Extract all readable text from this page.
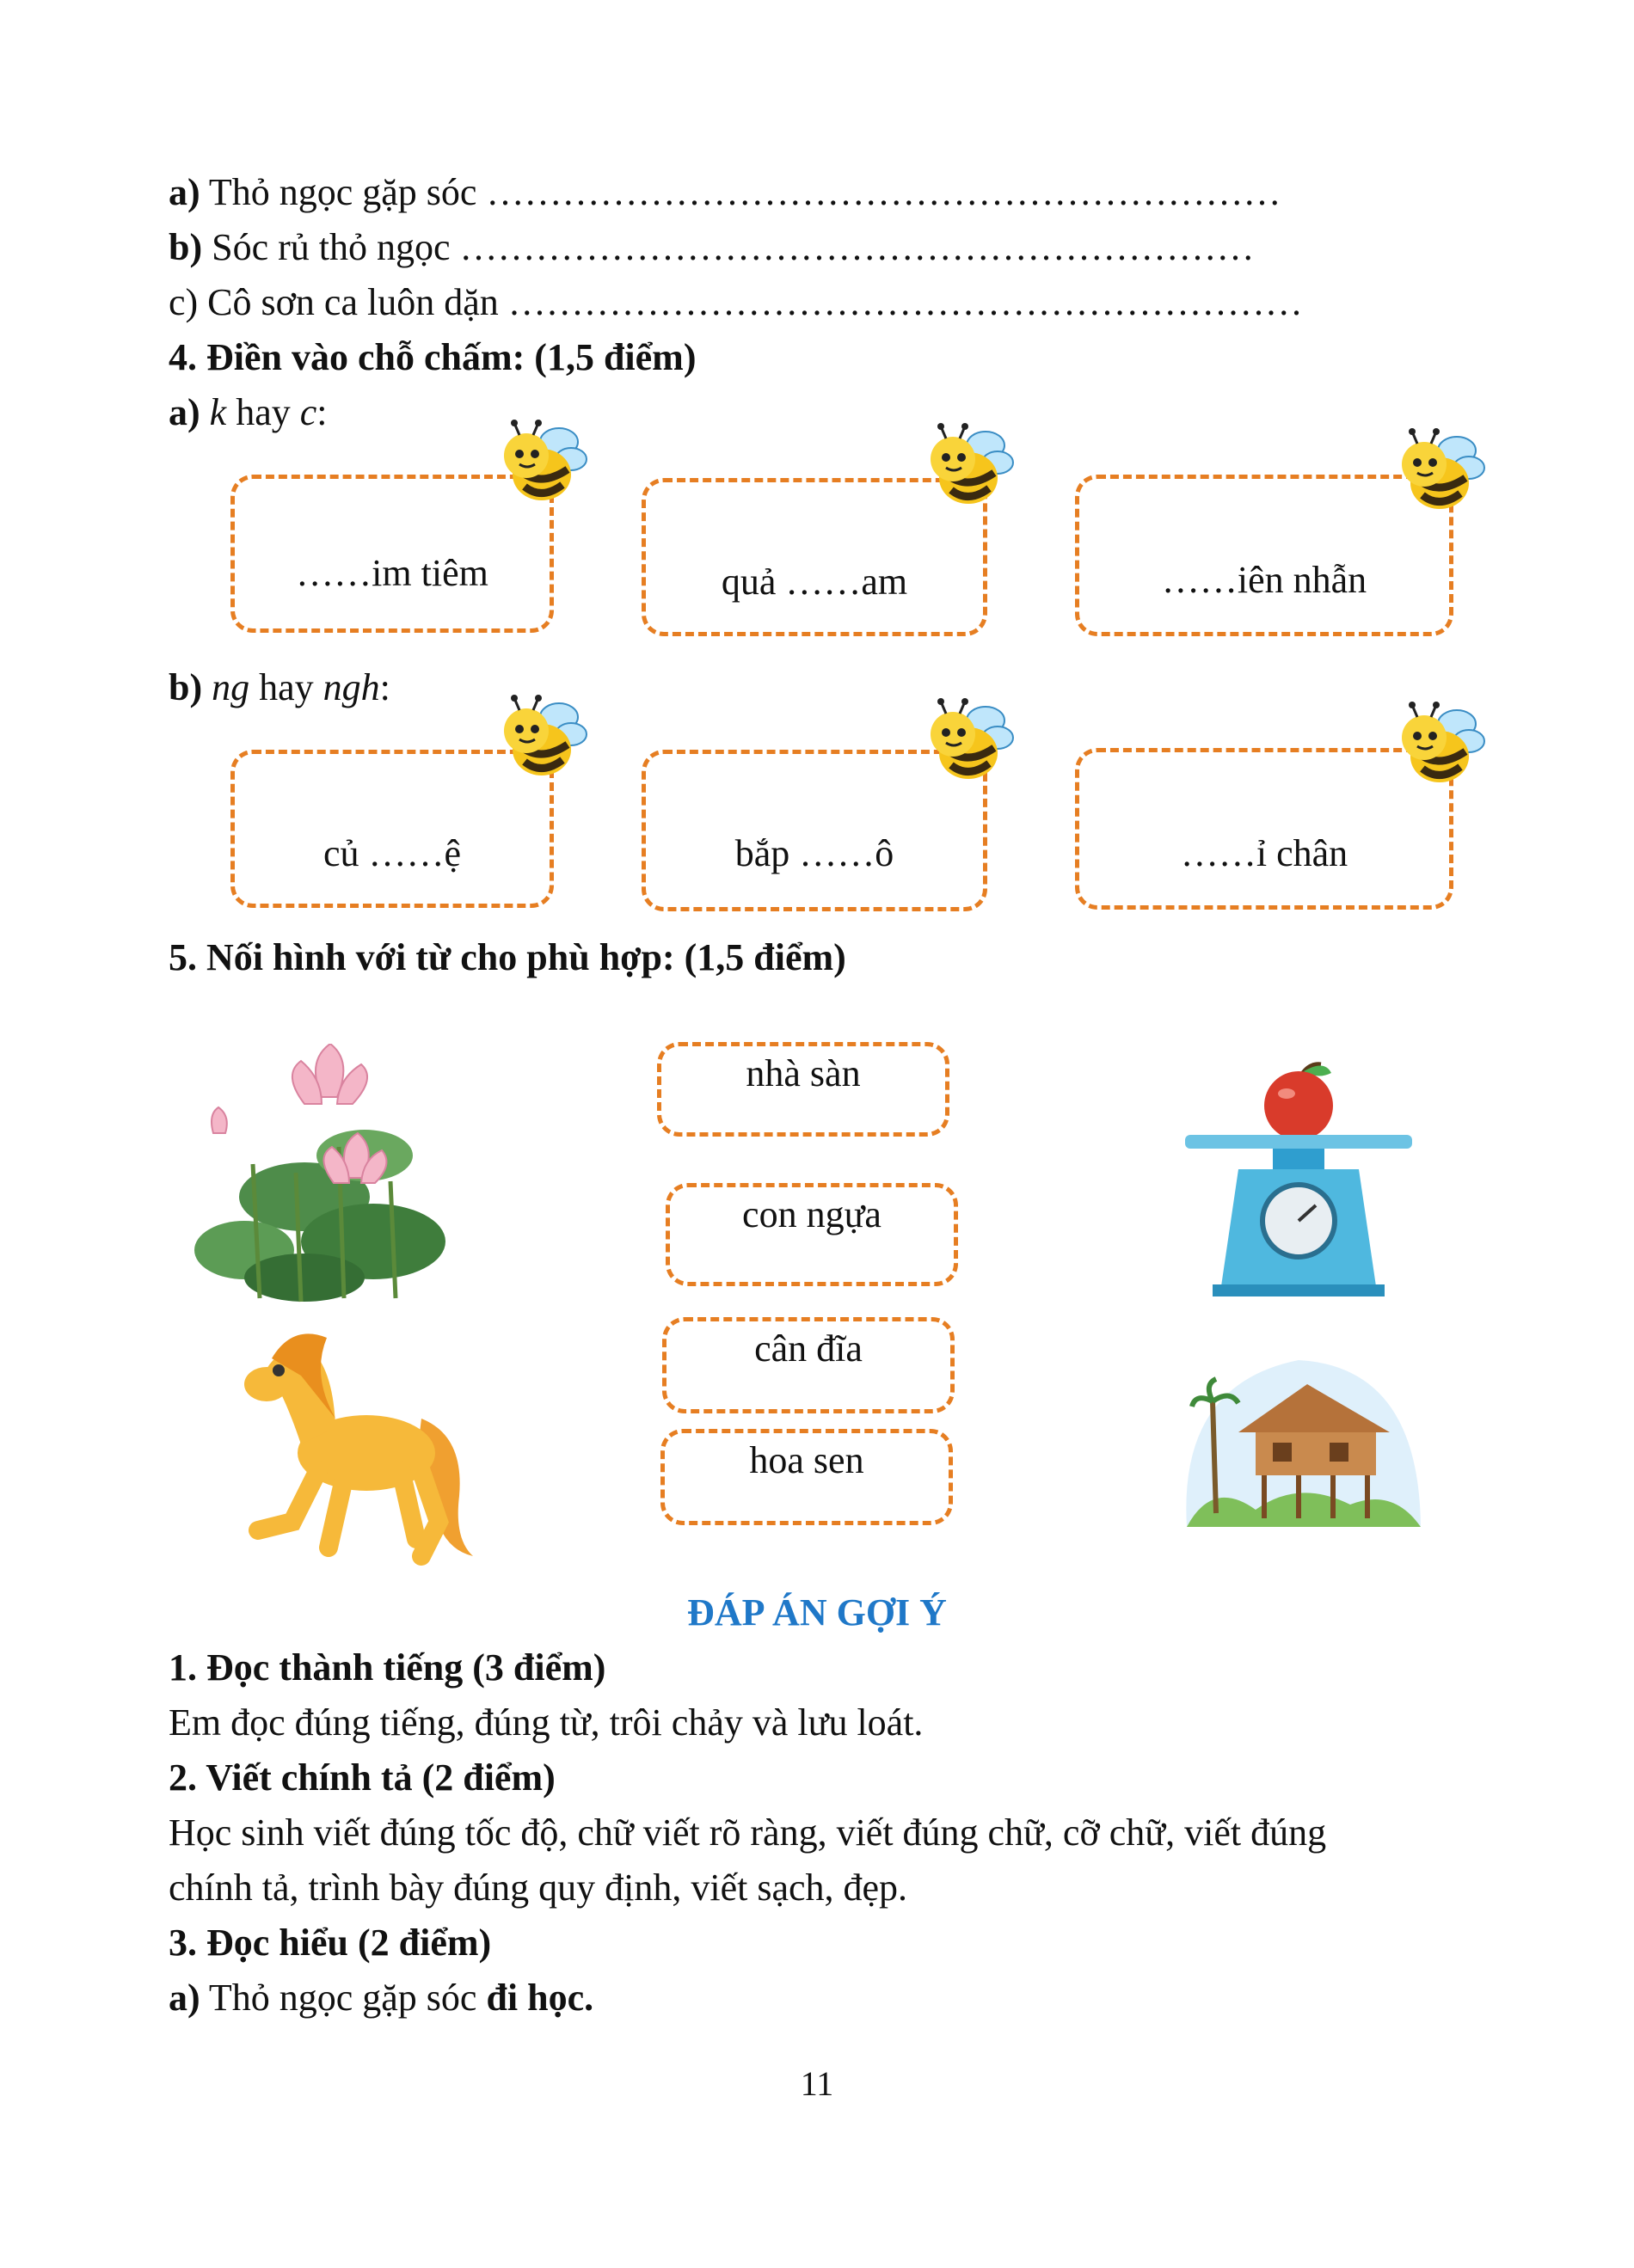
a) Thỏ ngọc gặp sóc ………………………………………………………
b) Sóc rủ thỏ ngọc ………………………………………………………
c) Cô sơn ca luôn dặn ………………………………………………………
4. Điền vào chỗ chấm: (1,5 điểm)
a) k hay c:
……im tiêm	quả ……am	……iên nhẫn
b) ng hay ngh:
củ ……ệ	bắp ……ô	……ỉ chân
5. Nối hình với từ cho phù hợp: (1,5 điểm)
nhà sàn
con ngựa
cân đĩa
hoa sen
ĐÁP ÁN GỢI Ý
1. Đọc thành tiếng (3 điểm)
Em đọc đúng tiếng, đúng từ, trôi chảy và lưu loát.
2. Viết chính tả (2 điểm)
Học sinh viết đúng tốc độ, chữ viết rõ ràng, viết đúng chữ, cỡ chữ, viết đúng
chính tả, trình bày đúng quy định, viết sạch, đẹp.
3. Đọc hiểu (2 điểm)
a) Thỏ ngọc gặp sóc đi học.
11
